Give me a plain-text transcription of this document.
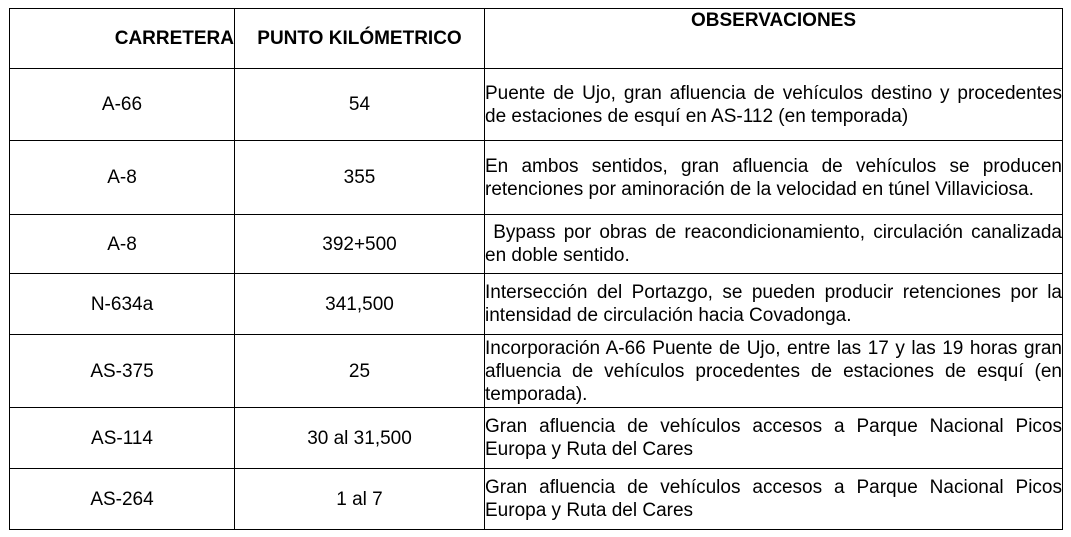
CARRETERA	PUNTO KILÓMETRICO	OBSERVACIONES
A-66	54	Puente de Ujo, gran afluencia de vehículos destino y procedentes de estaciones de esquí en AS-112 (en temporada)
A-8	355	En ambos sentidos, gran afluencia de vehículos se producen retenciones por aminoración de la velocidad en túnel Villaviciosa.
A-8	392+500	Bypass por obras de reacondicionamiento, circulación canalizada en doble sentido.
N-634a	341,500	Intersección del Portazgo, se pueden producir retenciones por la intensidad de circulación hacia Covadonga.
AS-375	25	Incorporación A-66 Puente de Ujo, entre las 17 y las 19 horas gran afluencia de vehículos procedentes de estaciones de esquí (en temporada).
AS-114	30 al 31,500	Gran afluencia de vehículos accesos a Parque Nacional Picos Europa y Ruta del Cares
AS-264	1 al 7	Gran afluencia de vehículos accesos a Parque Nacional Picos Europa y Ruta del Cares
